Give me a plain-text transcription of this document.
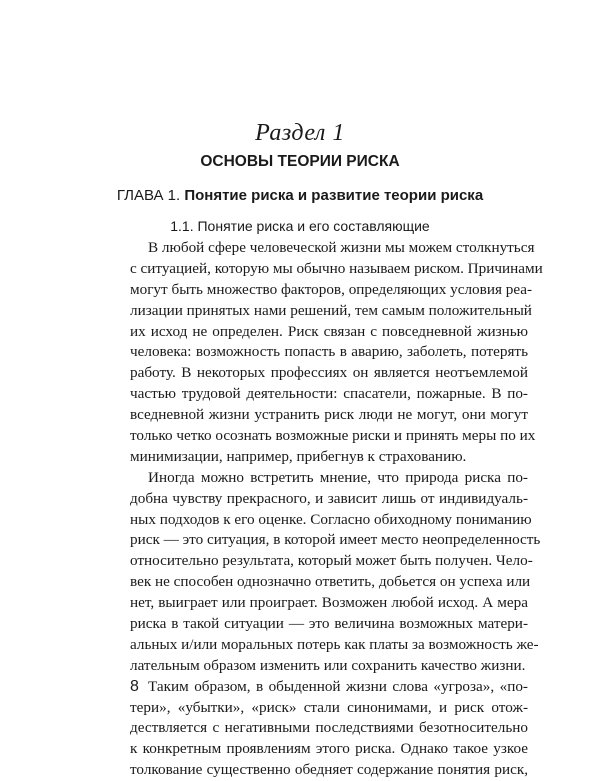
Раздел 1
ОСНОВЫ ТЕОРИИ РИСКА
ГЛАВА 1. Понятие риска и развитие теории риска
1.1. Понятие риска и его составляющие
В любой сфере человеческой жизни мы можем столкнуться
с ситуацией, которую мы обычно называем риском. Причинами
могут быть множество факторов, определяющих условия реа-
лизации принятых нами решений, тем самым положительный
их исход не определен. Риск связан с повседневной жизнью
человека: возможность попасть в аварию, заболеть, потерять
работу. В некоторых профессиях он является неотъемлемой
частью трудовой деятельности: спасатели, пожарные. В по-
вседневной жизни устранить риск люди не могут, они могут
только четко осознать возможные риски и принять меры по их
минимизации, например, прибегнув к страхованию.
Иногда можно встретить мнение, что природа риска по-
добна чувству прекрасного, и зависит лишь от индивидуаль-
ных подходов к его оценке. Согласно обиходному пониманию
риск — это ситуация, в которой имеет место неопределенность
относительно результата, который может быть получен. Чело-
век не способен однозначно ответить, добьется он успеха или
нет, выиграет или проиграет. Возможен любой исход. А мера
риска в такой ситуации — это величина возможных матери-
альных и/или моральных потерь как платы за возможность же-
лательным образом изменить или сохранить качество жизни.
Таким образом, в обыденной жизни слова «угроза», «по-
тери», «убытки», «риск» стали синонимами, и риск отож-
дествляется с негативными последствиями безотносительно
к конкретным проявлениям этого риска. Однако такое узкое
толкование существенно обедняет содержание понятия риск,
8
